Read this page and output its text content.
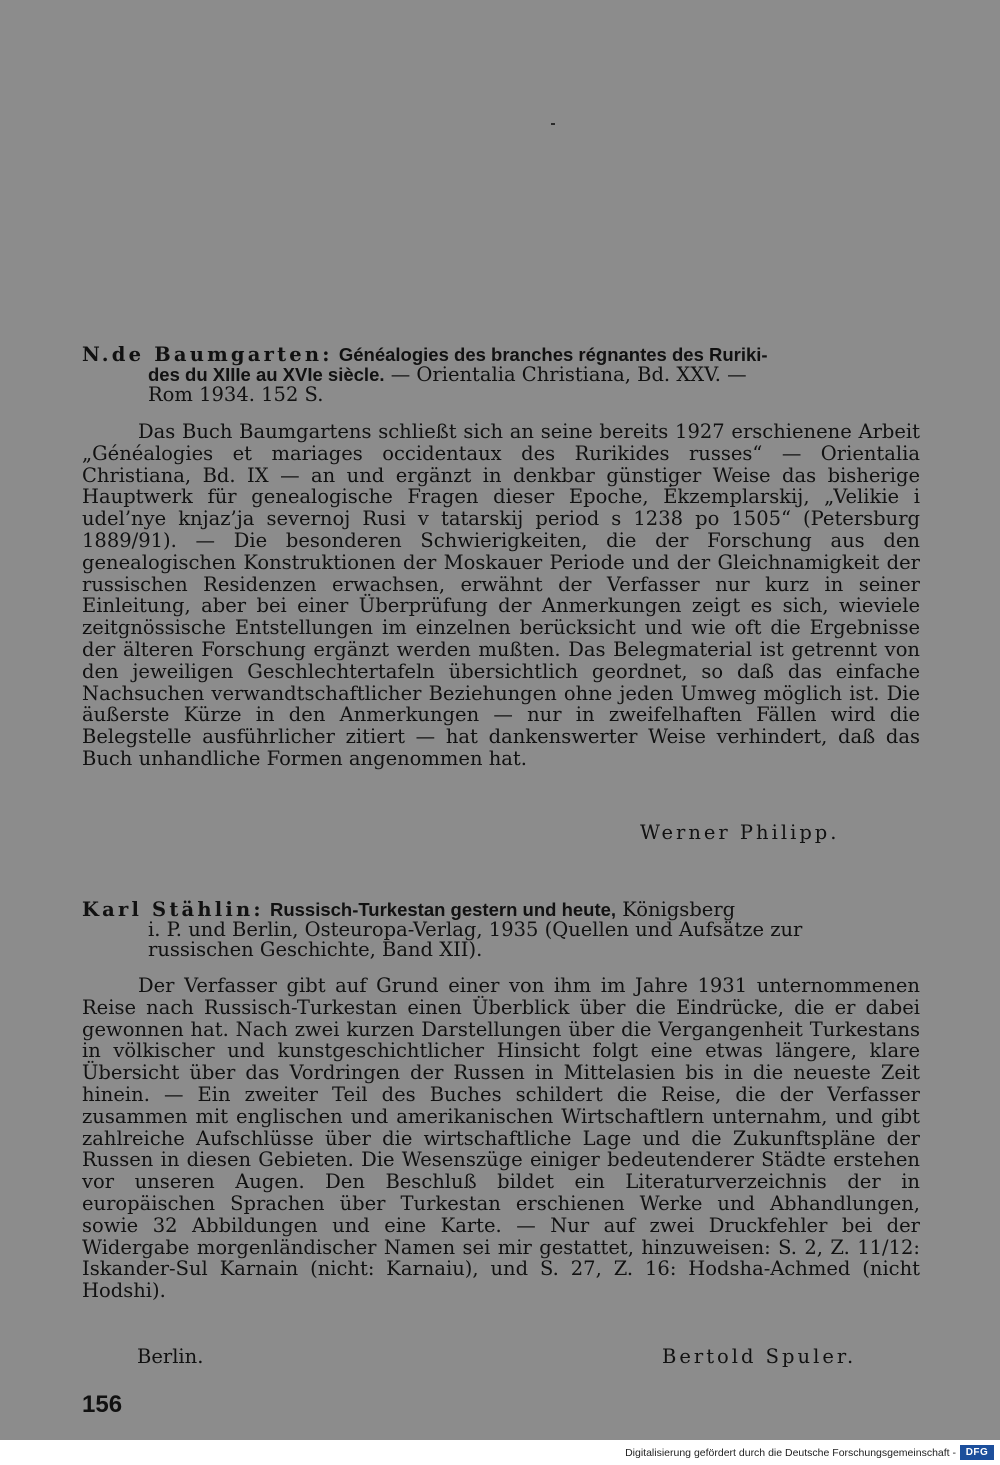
N.de Baumgarten: Généalogies des branches régnantes des Ruriki-
des du XIIIe au XVIe siècle. — Orientalia Christiana, Bd. XXV. —
Rom 1934. 152 S.

Das Buch Baumgartens schließt sich an seine bereits 1927 erschienene Arbeit „Généalogies et mariages occidentaux des Rurikides russes“ — Orientalia Christiana, Bd. IX — an und ergänzt in denkbar günstiger Weise das bisherige Hauptwerk für genealogische Fragen dieser Epoche, Ėkzemplarskij, „Velikie i udel’nye knjaz’ja severnoj Rusi v tatarskij period s 1238 po 1505“ (Petersburg 1889/91). — Die besonderen Schwierigkeiten, die der Forschung aus den genealogischen Konstruktionen der Moskauer Periode und der Gleichnamigkeit der russischen Residenzen erwachsen, erwähnt der Verfasser nur kurz in seiner Einleitung, aber bei einer Überprüfung der Anmerkungen zeigt es sich, wieviele zeitgnössische Entstellungen im einzelnen berücksicht und wie oft die Ergebnisse der älteren Forschung ergänzt werden mußten. Das Belegmaterial ist getrennt von den jeweiligen Geschlechtertafeln übersichtlich geordnet, so daß das einfache Nachsuchen verwandtschaftlicher Beziehungen ohne jeden Umweg möglich ist. Die äußerste Kürze in den Anmerkungen — nur in zweifelhaften Fällen wird die Belegstelle ausführlicher zitiert — hat dankenswerter Weise verhindert, daß das Buch unhandliche Formen angenommen hat.

Werner Philipp.
Karl Stählin: Russisch-Turkestan gestern und heute, Königsberg
i. P. und Berlin, Osteuropa-Verlag, 1935 (Quellen und Aufsätze zur
russischen Geschichte, Band XII).

Der Verfasser gibt auf Grund einer von ihm im Jahre 1931 unternommenen Reise nach Russisch-Turkestan einen Überblick über die Eindrücke, die er dabei gewonnen hat. Nach zwei kurzen Darstellungen über die Vergangenheit Turkestans in völkischer und kunstgeschichtlicher Hinsicht folgt eine etwas längere, klare Übersicht über das Vordringen der Russen in Mittelasien bis in die neueste Zeit hinein. — Ein zweiter Teil des Buches schildert die Reise, die der Verfasser zusammen mit englischen und amerikanischen Wirtschaftlern unternahm, und gibt zahlreiche Aufschlüsse über die wirtschaftliche Lage und die Zukunftspläne der Russen in diesen Gebieten. Die Wesenszüge einiger bedeutenderer Städte erstehen vor unseren Augen. Den Beschluß bildet ein Literaturverzeichnis der in europäischen Sprachen über Turkestan erschienen Werke und Abhandlungen, sowie 32 Abbildungen und eine Karte. — Nur auf zwei Druckfehler bei der Widergabe morgenländischer Namen sei mir gestattet, hinzuweisen: S. 2, Z. 11/12: Iskander-Sul Karnain (nicht: Karnaiu), und S. 27, Z. 16: Hodsha-Achmed (nicht Hodshi).

Berlin.	Bertold Spuler.
156
Digitalisierung gefördert durch die Deutsche Forschungsgemeinschaft - DFG
